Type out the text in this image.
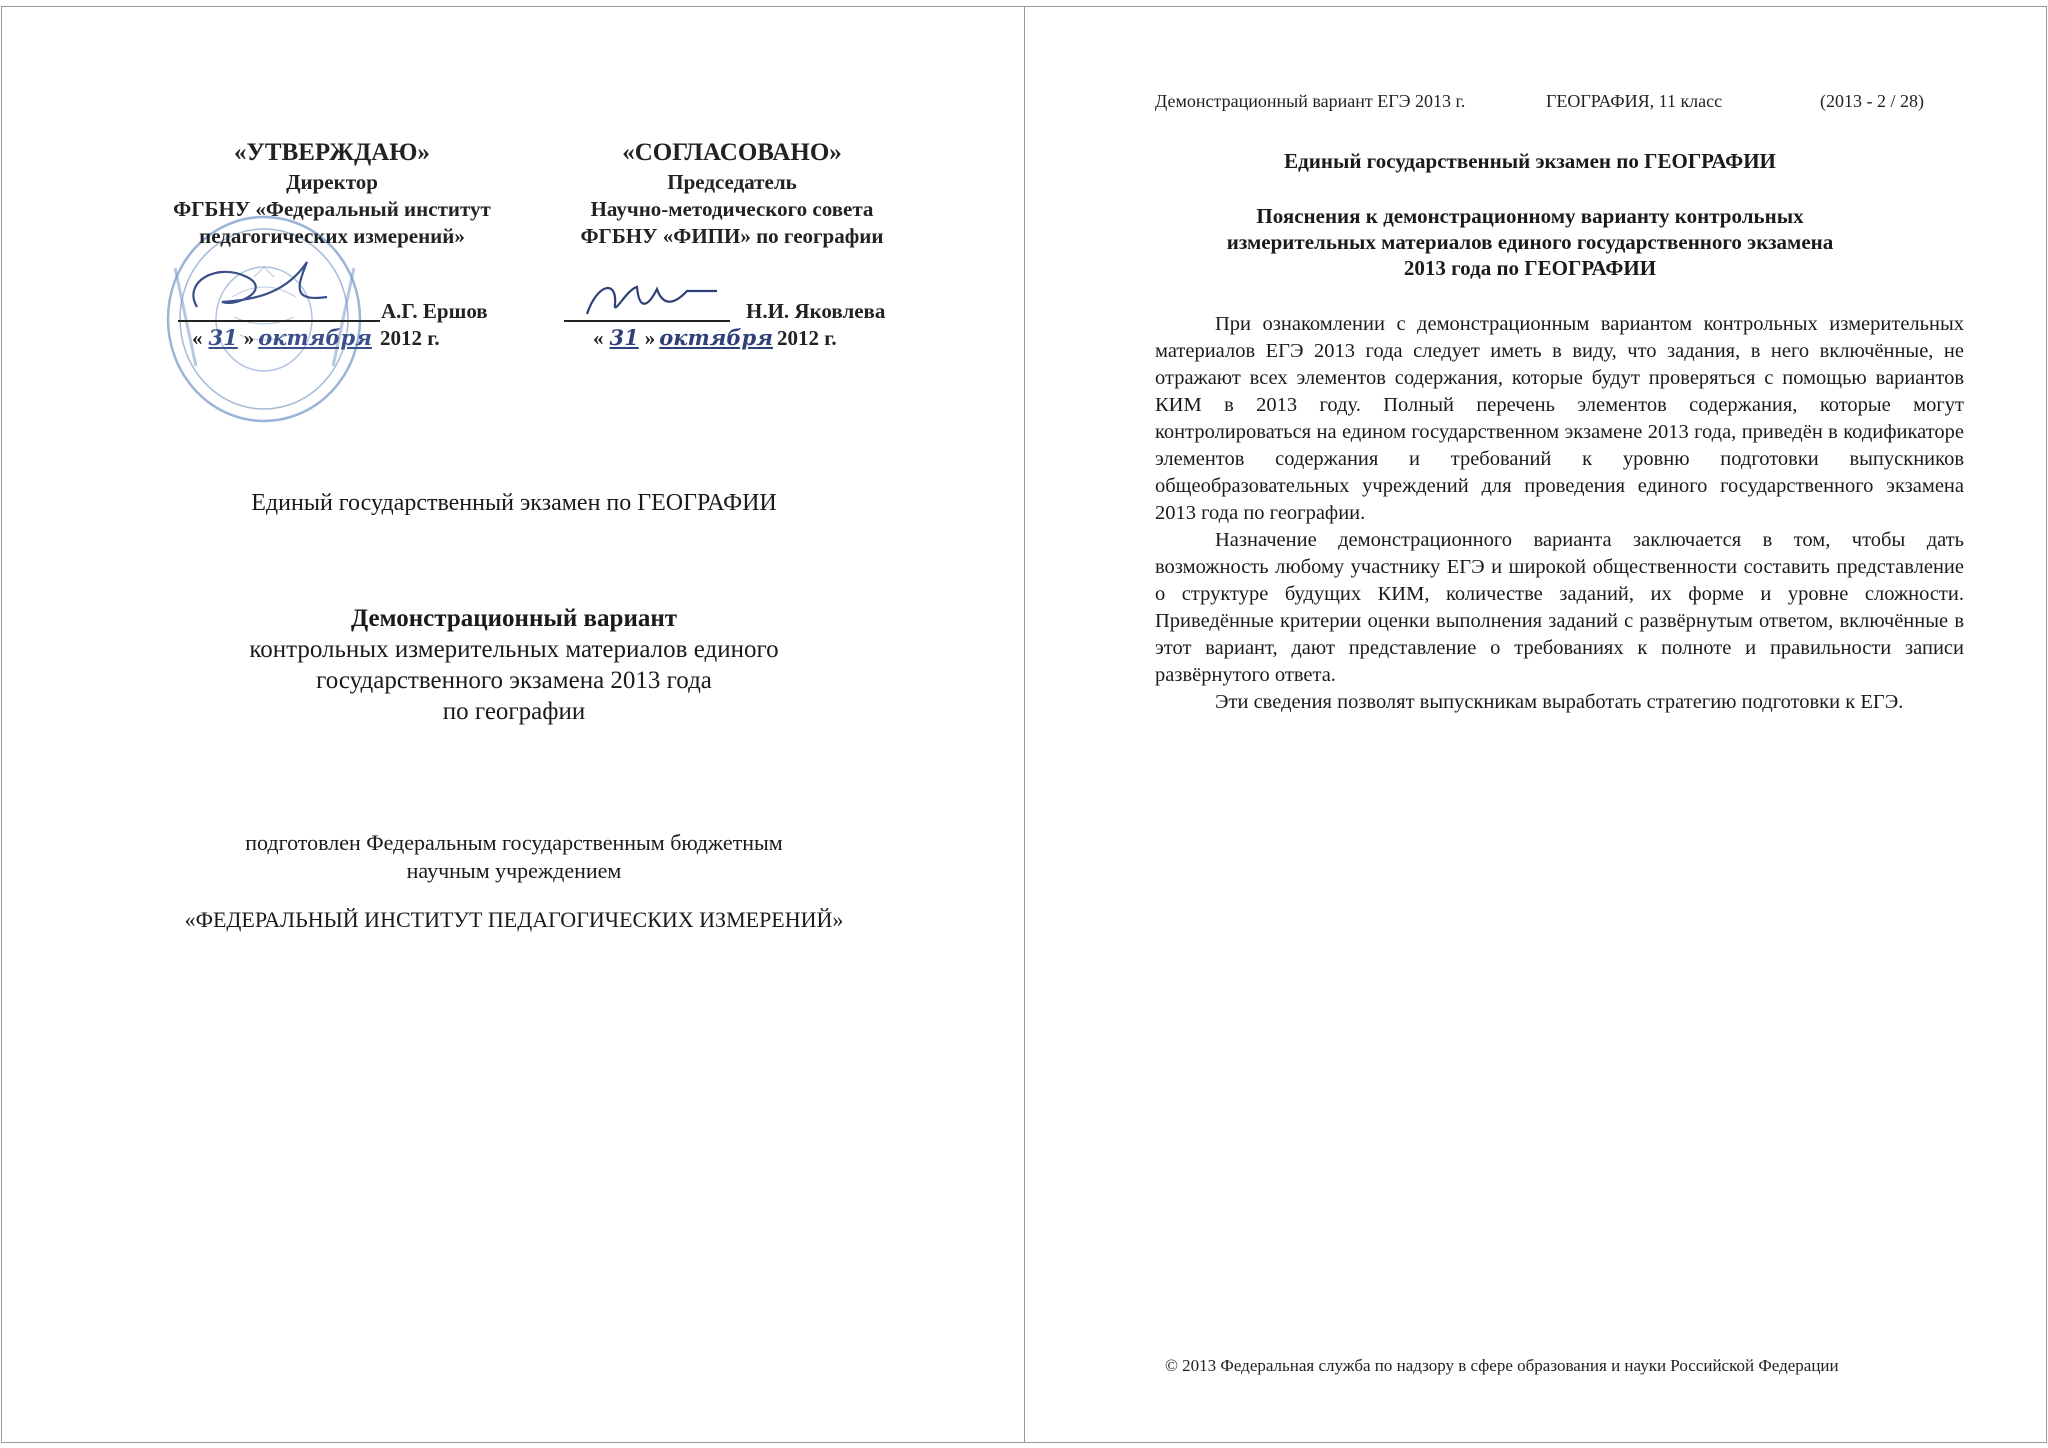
«УТВЕРЖДАЮ»
Директор
ФГБНУ «Федеральный институт
педагогических измерений»
А.Г. Ершов
« 31 » октября 2012 г.
«СОГЛАСОВАНО»
Председатель
Научно-методического совета
ФГБНУ «ФИПИ» по географии
Н.И. Яковлева
« 31 » октября 2012 г.
Единый государственный экзамен по ГЕОГРАФИИ
Демонстрационный вариант
контрольных измерительных материалов единого
государственного экзамена 2013 года
по географии
подготовлен Федеральным государственным бюджетным
научным учреждением
«ФЕДЕРАЛЬНЫЙ ИНСТИТУТ ПЕДАГОГИЧЕСКИХ ИЗМЕРЕНИЙ»
Демонстрационный вариант ЕГЭ 2013 г.	ГЕОГРАФИЯ, 11 класс	(2013 - 2 / 28)
Единый государственный экзамен по ГЕОГРАФИИ
Пояснения к демонстрационному варианту контрольных
измерительных материалов единого государственного экзамена
2013 года по ГЕОГРАФИИ

При ознакомлении с демонстрационным вариантом контрольных измерительных материалов ЕГЭ 2013 года следует иметь в виду, что задания, в него включённые, не отражают всех элементов содержания, которые будут проверяться с помощью вариантов КИМ в 2013 году. Полный перечень элементов содержания, которые могут контролироваться на едином государственном экзамене 2013 года, приведён в кодификаторе элементов содержания и требований к уровню подготовки выпускников общеобразовательных учреждений для проведения единого государственного экзамена 2013 года по географии.

Назначение демонстрационного варианта заключается в том, чтобы дать возможность любому участнику ЕГЭ и широкой общественности составить представление о структуре будущих КИМ, количестве заданий, их форме и уровне сложности. Приведённые критерии оценки выполнения заданий с развёрнутым ответом, включённые в этот вариант, дают представление о требованиях к полноте и правильности записи развёрнутого ответа.

Эти сведения позволят выпускникам выработать стратегию подготовки к ЕГЭ.

© 2013 Федеральная служба по надзору в сфере образования и науки Российской Федерации
